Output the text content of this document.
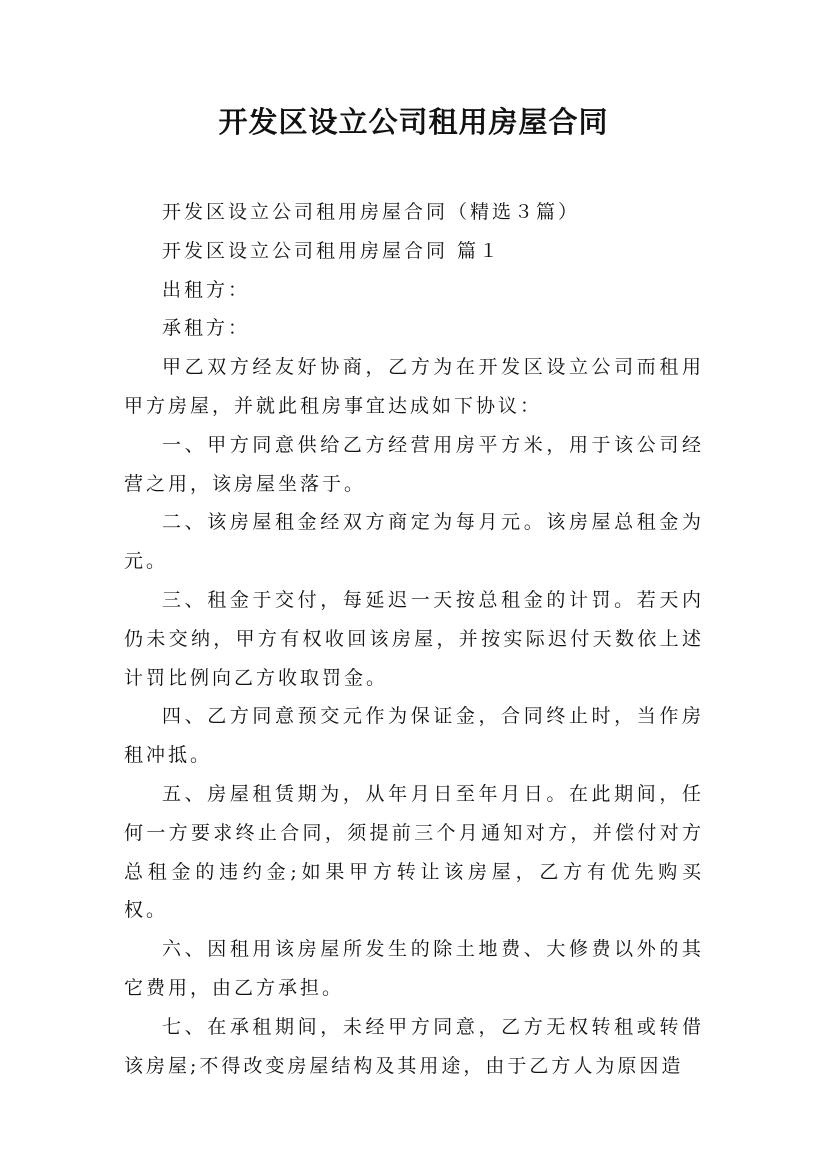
开发区设立公司租用房屋合同

开发区设立公司租用房屋合同（精选３篇）

开发区设立公司租用房屋合同 篇１

出租方：

承租方：

甲乙双方经友好协商，乙方为在开发区设立公司而租用甲方房屋，并就此租房事宜达成如下协议：

一、甲方同意供给乙方经营用房平方米，用于该公司经营之用，该房屋坐落于。

二、该房屋租金经双方商定为每月元。该房屋总租金为元。

三、租金于交付，每延迟一天按总租金的计罚。若天内仍未交纳，甲方有权收回该房屋，并按实际迟付天数依上述计罚比例向乙方收取罚金。

四、乙方同意预交元作为保证金，合同终止时，当作房租冲抵。

五、房屋租赁期为，从年月日至年月日。在此期间，任何一方要求终止合同，须提前三个月通知对方，并偿付对方总租金的违约金;如果甲方转让该房屋，乙方有优先购买权。

六、因租用该房屋所发生的除土地费、大修费以外的其它费用，由乙方承担。

七、在承租期间，未经甲方同意，乙方无权转租或转借该房屋;不得改变房屋结构及其用途，由于乙方人为原因造
